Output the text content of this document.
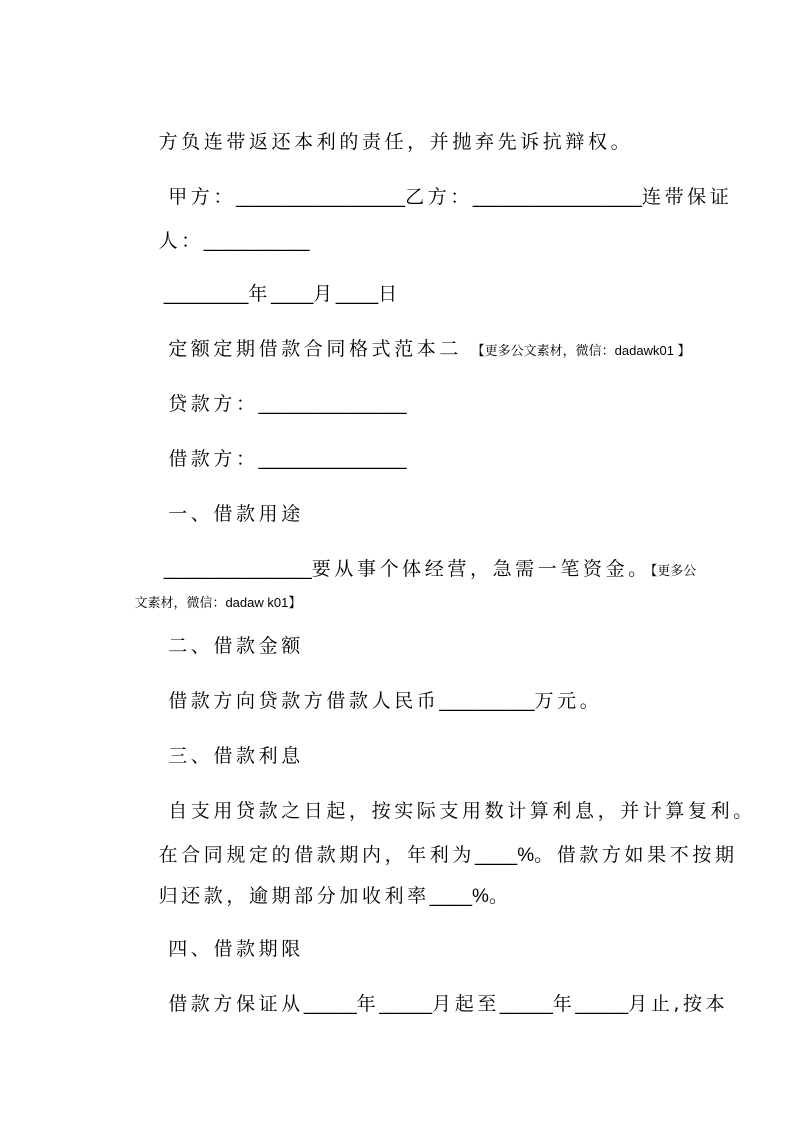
方负连带返还本利的责任，并抛弃先诉抗辩权。

甲方：________________乙方：________________连带保证

人：__________

________年____月____日

定额定期借款合同格式范本二 【更多公文素材，微信：dadawk01 】

贷款方：______________

借款方：______________

一、借款用途

______________要从事个体经营，急需一笔资金。【更多公

文素材，微信：dadaw k01】

二、借款金额

借款方向贷款方借款人民币_________万元。

三、借款利息

自支用贷款之日起，按实际支用数计算利息，并计算复利。

在合同规定的借款期内，年利为____%。借款方如果不按期

归还款，逾期部分加收利率____%。

四、借款期限

借款方保证从_____年_____月起至_____年_____月止,按本
